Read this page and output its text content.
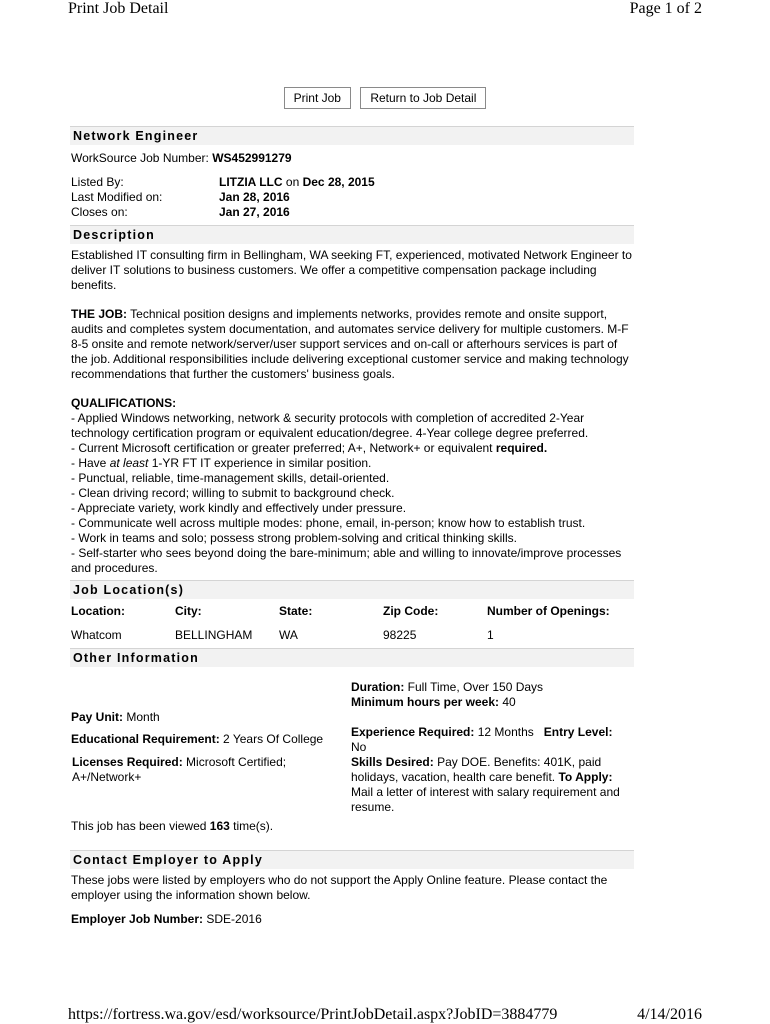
Print Job Detail	Page 1 of 2
Print Job Return to Job Detail
Network Engineer

WorkSource Job Number: WS452991279

Listed By:	LITZIA LLC on Dec 28, 2015
Last Modified on:	Jan 28, 2016
Closes on:	Jan 27, 2016
Description

Established IT consulting firm in Bellingham, WA seeking FT, experienced, motivated Network Engineer to deliver IT solutions to business customers. We offer a competitive compensation package including benefits.

THE JOB: Technical position designs and implements networks, provides remote and onsite support, audits and completes system documentation, and automates service delivery for multiple customers. M-F 8-5 onsite and remote network/server/user support services and on-call or afterhours services is part of the job. Additional responsibilities include delivering exceptional customer service and making technology recommendations that further the customers' business goals.

QUALIFICATIONS:

- Applied Windows networking, network & security protocols with completion of accredited 2-Year technology certification program or equivalent education/degree. 4-Year college degree preferred.

- Current Microsoft certification or greater preferred; A+, Network+ or equivalent required.

- Have at least 1-YR FT IT experience in similar position.

- Punctual, reliable, time-management skills, detail-oriented.

- Clean driving record; willing to submit to background check.

- Appreciate variety, work kindly and effectively under pressure.

- Communicate well across multiple modes: phone, email, in-person; know how to establish trust.

- Work in teams and solo; possess strong problem-solving and critical thinking skills.

- Self-starter who sees beyond doing the bare-minimum; able and willing to innovate/improve processes and procedures.

Job Location(s)
Location:	City:	State:	Zip Code:	Number of Openings:
Whatcom	BELLINGHAM	WA	98225	1
Other Information
Duration: Full Time, Over 150 Days
Minimum hours per week: 40
Pay Unit: Month
Educational Requirement: 2 Years Of College	Experience Required: 12 Months Entry Level:
No
Licenses Required: Microsoft Certified; A+/Network+
Skills Desired: Pay DOE. Benefits: 401K, paid holidays, vacation, health care benefit. To Apply: Mail a letter of interest with salary requirement and resume.

This job has been viewed 163 time(s).

Contact Employer to Apply

These jobs were listed by employers who do not support the Apply Online feature. Please contact the employer using the information shown below.

Employer Job Number: SDE-2016

https://fortress.wa.gov/esd/worksource/PrintJobDetail.aspx?JobID=3884779	4/14/2016
